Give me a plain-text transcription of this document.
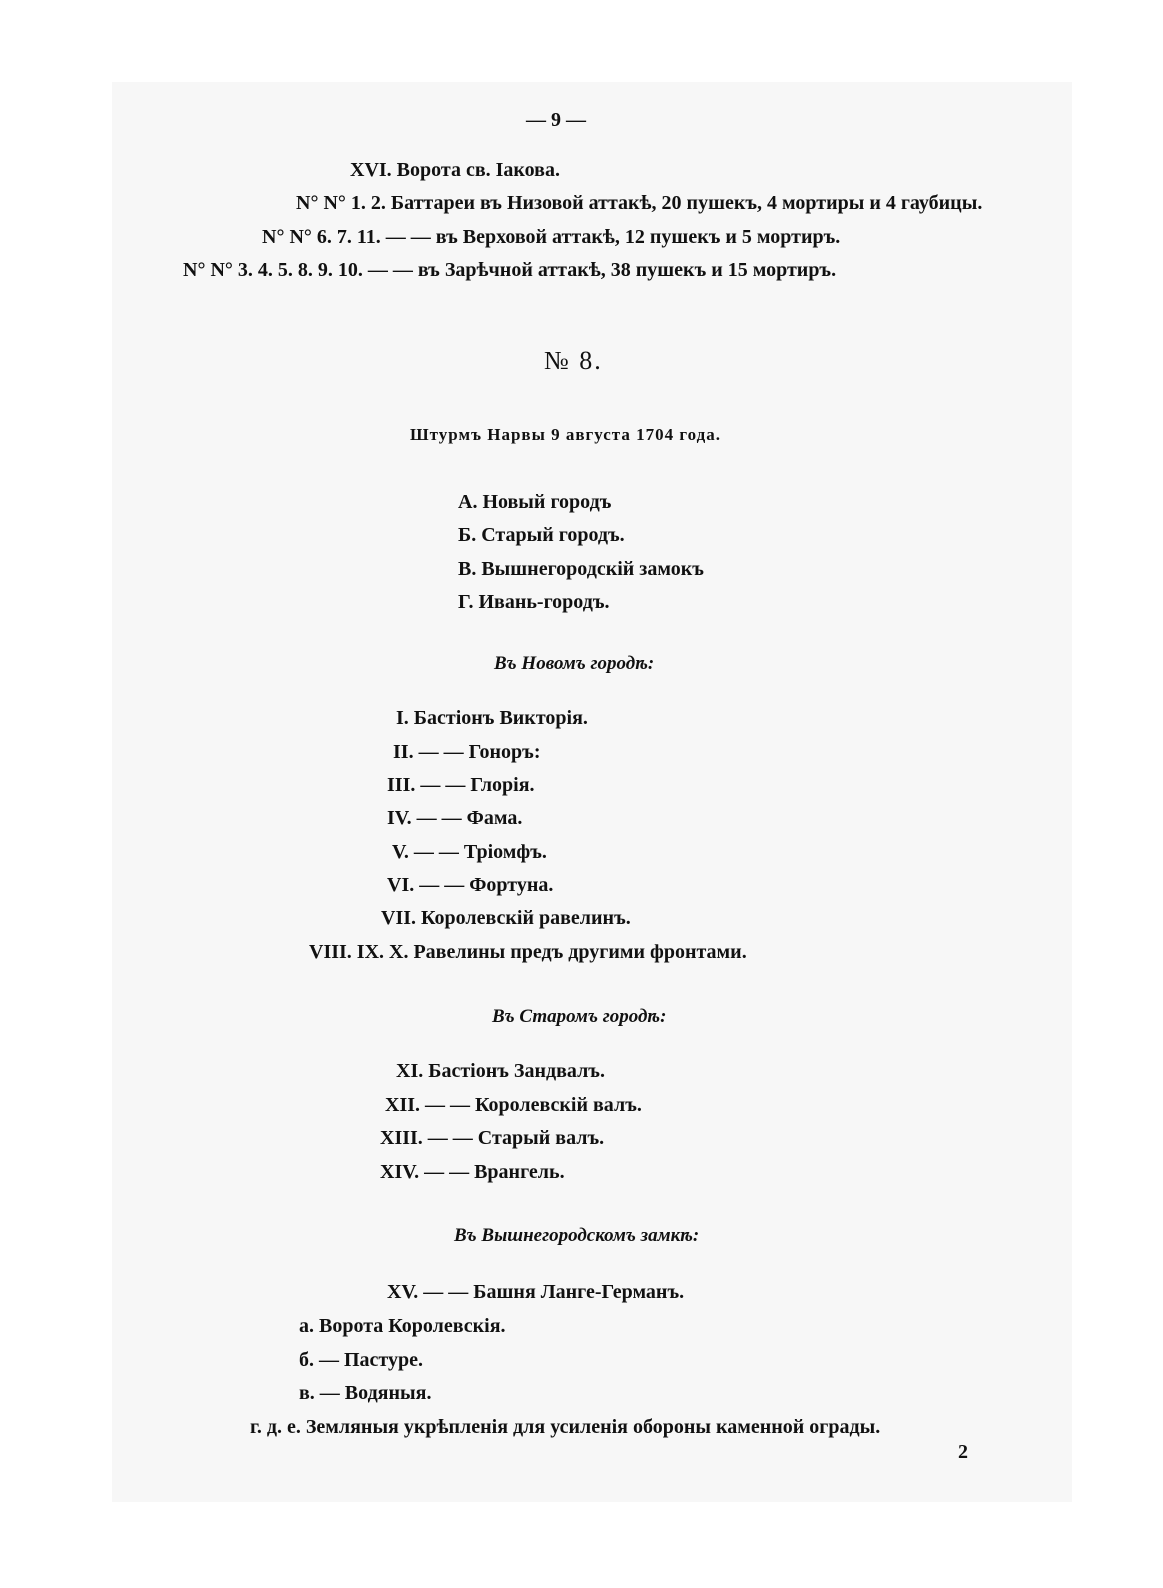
— 9 —

XVI. Ворота св. Іакова.

N° N° 1. 2. Баттареи въ Низовой аттакѣ, 20 пушекъ, 4 мортиры и 4 гаубицы.

N° N° 6. 7. 11. — — въ Верховой аттакѣ, 12 пушекъ и 5 мортиръ.

N° N° 3. 4. 5. 8. 9. 10. — — въ Зарѣчной аттакѣ, 38 пушекъ и 15 мортиръ.

№ 8.

Штурмъ Нарвы 9 августа 1704 года.

А. Новый городъ

Б. Старый городъ.

В. Вышнегородскій замокъ

Г. Ивань-городъ.

Въ Новомъ городѣ:

I. Бастіонъ Викторія.

II. — — Гоноръ:

III. — — Глорія.

IV. — — Фама.

V. — — Тріомфъ.

VI. — — Фортуна.

VII. Королевскій равелинъ.

VIII. IX. X. Равелины предъ другими фронтами.

Въ Старомъ городѣ:

XI. Бастіонъ Зандвалъ.

XII. — — Королевскій валъ.

XIII. — — Старый валъ.

XIV. — — Врангель.

Въ Вышнегородскомъ замкѣ:

XV. — — Башня Ланге-Германъ.

а. Ворота Королевскія.

б. — Пастуре.

в. — Водяныя.

г. д. е. Земляныя укрѣпленія для усиленія обороны каменной ограды.

2
